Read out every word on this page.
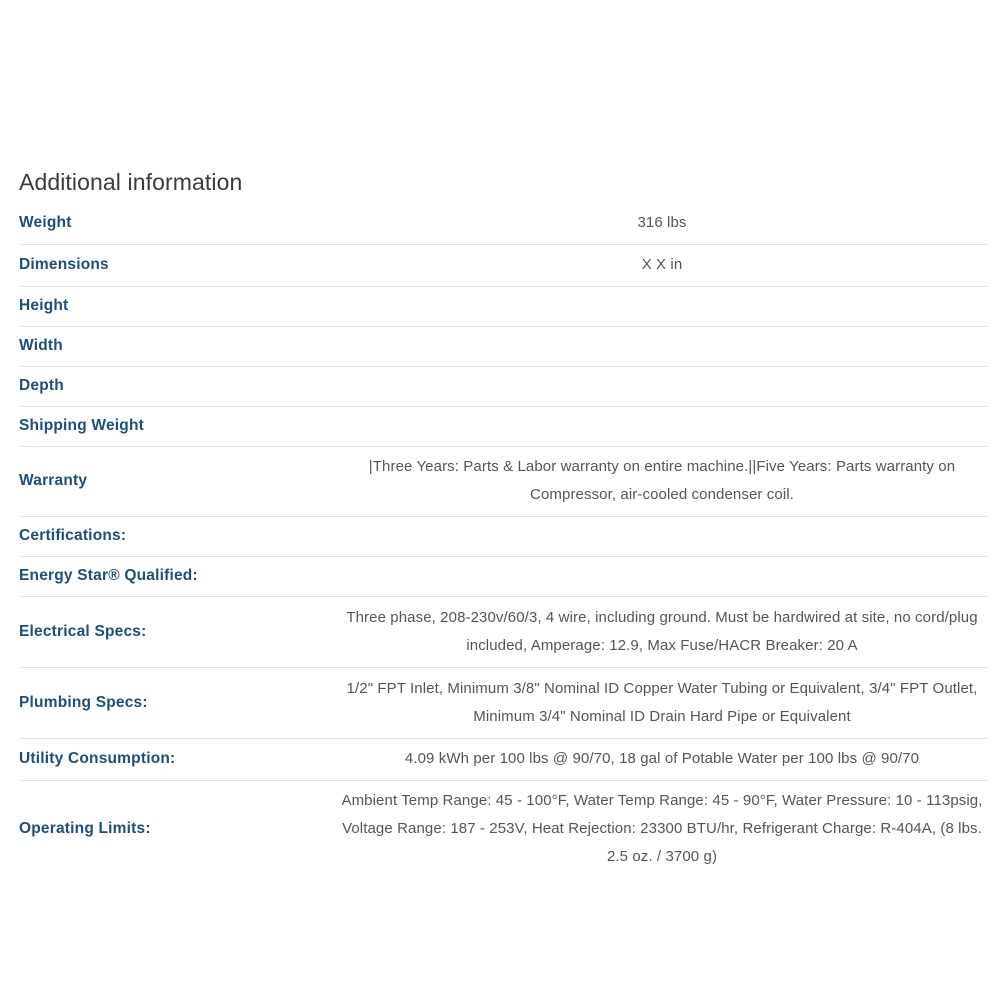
Additional information
Weight	316 lbs
Dimensions	X X in
Height	
Width	
Depth	
Shipping Weight	
Warranty	|Three Years: Parts & Labor warranty on entire machine.||Five Years: Parts warranty on Compressor, air-cooled condenser coil.
Certifications:	
Energy Star® Qualified:	
Electrical Specs:	Three phase, 208-230v/60/3, 4 wire, including ground. Must be hardwired at site, no cord/plug included, Amperage: 12.9, Max Fuse/HACR Breaker: 20 A
Plumbing Specs:	1/2" FPT Inlet, Minimum 3/8" Nominal ID Copper Water Tubing or Equivalent, 3/4" FPT Outlet, Minimum 3/4" Nominal ID Drain Hard Pipe or Equivalent
Utility Consumption:	4.09 kWh per 100 lbs @ 90/70, 18 gal of Potable Water per 100 lbs @ 90/70
Operating Limits:	Ambient Temp Range: 45 - 100°F, Water Temp Range: 45 - 90°F, Water Pressure: 10 - 113psig, Voltage Range: 187 - 253V, Heat Rejection: 23300 BTU/hr, Refrigerant Charge: R-404A, (8 lbs. 2.5 oz. / 3700 g)
